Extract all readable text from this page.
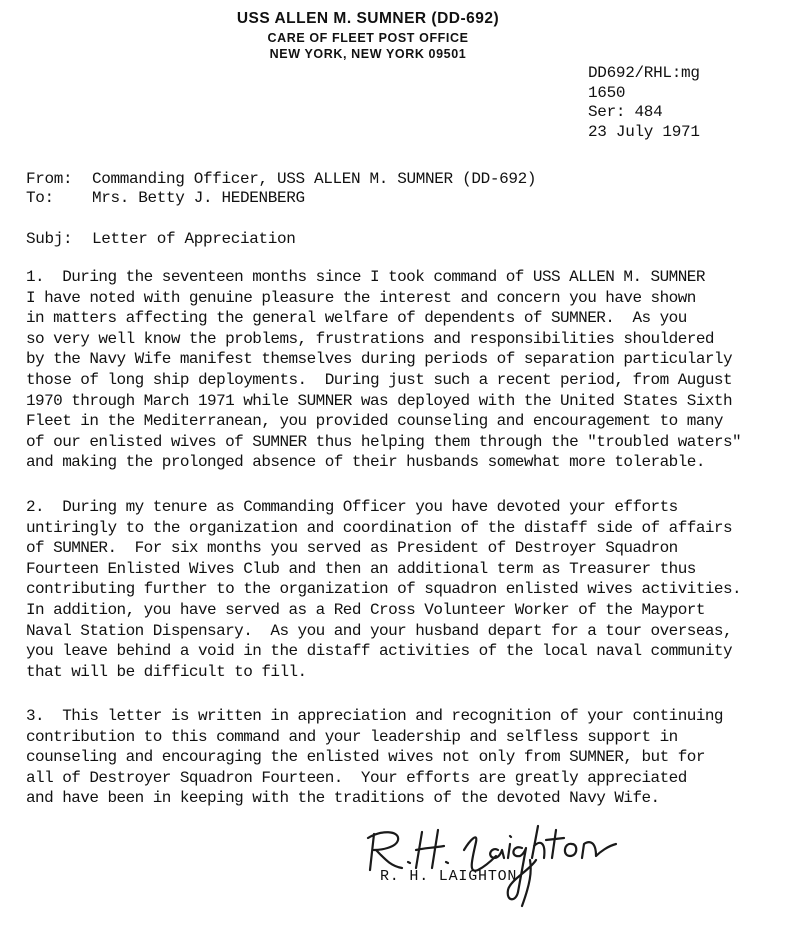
USS ALLEN M. SUMNER (DD-692)
CARE OF FLEET POST OFFICE
NEW YORK, NEW YORK 09501
DD692/RHL:mg
1650
Ser: 484
23 July 1971
From: Commanding Officer, USS ALLEN M. SUMNER (DD-692)
To: Mrs. Betty J. HEDENBERG
Subj: Letter of Appreciation

1.  During the seventeen months since I took command of USS ALLEN M. SUMNER

I have noted with genuine pleasure the interest and concern you have shown

in matters affecting the general welfare of dependents of SUMNER.  As you

so very well know the problems, frustrations and responsibilities shouldered

by the Navy Wife manifest themselves during periods of separation particularly

those of long ship deployments.  During just such a recent period, from August

1970 through March 1971 while SUMNER was deployed with the United States Sixth

Fleet in the Mediterranean, you provided counseling and encouragement to many

of our enlisted wives of SUMNER thus helping them through the "troubled waters"

and making the prolonged absence of their husbands somewhat more tolerable.

2.  During my tenure as Commanding Officer you have devoted your efforts

untiringly to the organization and coordination of the distaff side of affairs

of SUMNER.  For six months you served as President of Destroyer Squadron

Fourteen Enlisted Wives Club and then an additional term as Treasurer thus

contributing further to the organization of squadron enlisted wives activities.

In addition, you have served as a Red Cross Volunteer Worker of the Mayport

Naval Station Dispensary.  As you and your husband depart for a tour overseas,

you leave behind a void in the distaff activities of the local naval community

that will be difficult to fill.

3.  This letter is written in appreciation and recognition of your continuing

contribution to this command and your leadership and selfless support in

counseling and encouraging the enlisted wives not only from SUMNER, but for

all of Destroyer Squadron Fourteen.  Your efforts are greatly appreciated

and have been in keeping with the traditions of the devoted Navy Wife.

R. H. LAIGHTON
